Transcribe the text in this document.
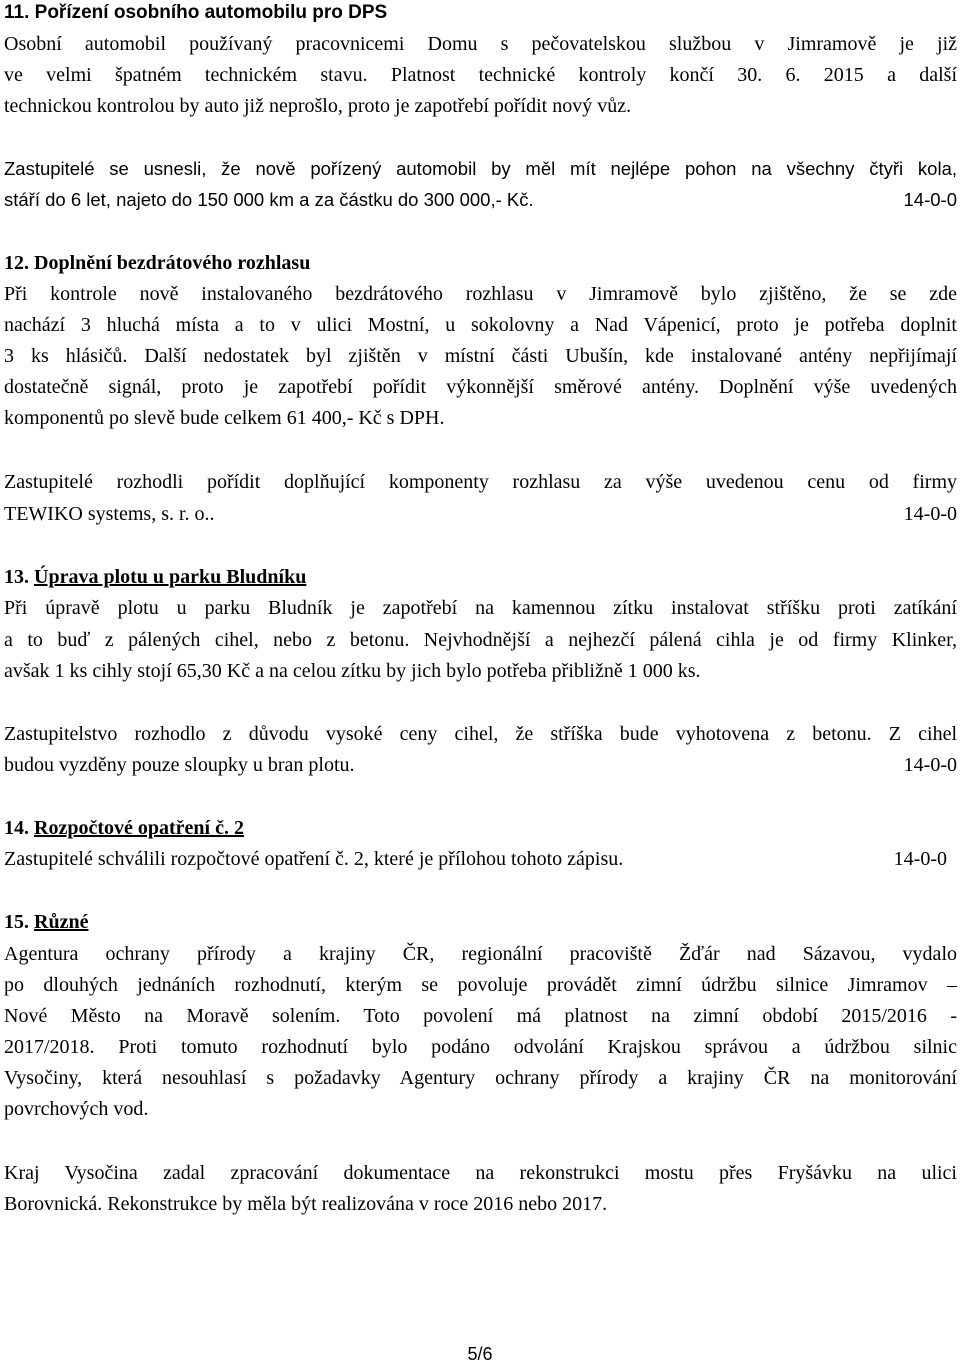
11. Pořízení osobního automobilu pro DPS
Osobní automobil používaný pracovnicemi Domu s pečovatelskou službou v Jimramově je již
ve velmi špatném technickém stavu. Platnost technické kontroly končí 30. 6. 2015 a další
technickou kontrolou by auto již neprošlo, proto je zapotřebí pořídit nový vůz.
Zastupitelé se usnesli, že nově pořízený automobil by měl mít nejlépe pohon na všechny čtyři kola,
stáří do 6 let, najeto do 150 000 km a za částku do 300 000,- Kč.	14-0-0
12. Doplnění bezdrátového rozhlasu
Při kontrole nově instalovaného bezdrátového rozhlasu v Jimramově bylo zjištěno, že se zde
nachází 3 hluchá místa a to v ulici Mostní, u sokolovny a Nad Vápenicí, proto je potřeba doplnit
3 ks hlásičů. Další nedostatek byl zjištěn v místní části Ubušín, kde instalované antény nepřijímají
dostatečně signál, proto je zapotřebí pořídit výkonnější směrové antény. Doplnění výše uvedených
komponentů po slevě bude celkem 61 400,- Kč s DPH.
Zastupitelé rozhodli pořídit doplňující komponenty rozhlasu za výše uvedenou cenu od firmy
TEWIKO systems, s. r. o..	14-0-0
13. Úprava plotu u parku Bludníku
Při úpravě plotu u parku Bludník je zapotřebí na kamennou zítku instalovat stříšku proti zatíkání
a to buď z pálených cihel, nebo z betonu. Nejvhodnější a nejhezčí pálená cihla je od firmy Klinker,
avšak 1 ks cihly stojí 65,30 Kč a na celou zítku by jich bylo potřeba přibližně 1 000 ks.
Zastupitelstvo rozhodlo z důvodu vysoké ceny cihel, že stříška bude vyhotovena z betonu. Z cihel
budou vyzděny pouze sloupky u bran plotu.	14-0-0
14. Rozpočtové opatření č. 2
Zastupitelé schválili rozpočtové opatření č. 2, které je přílohou tohoto zápisu.	14-0-0
15. Různé
Agentura ochrany přírody a krajiny ČR, regionální pracoviště Žďár nad Sázavou, vydalo
po dlouhých jednáních rozhodnutí, kterým se povoluje provádět zimní údržbu silnice Jimramov –
Nové Město na Moravě solením. Toto povolení má platnost na zimní období 2015/2016 -
2017/2018. Proti tomuto rozhodnutí bylo podáno odvolání Krajskou správou a údržbou silnic
Vysočiny, která nesouhlasí s požadavky Agentury ochrany přírody a krajiny ČR na monitorování
povrchových vod.
Kraj Vysočina zadal zpracování dokumentace na rekonstrukci mostu přes Fryšávku na ulici
Borovnická. Rekonstrukce by měla být realizována v roce 2016 nebo 2017.
5/6
